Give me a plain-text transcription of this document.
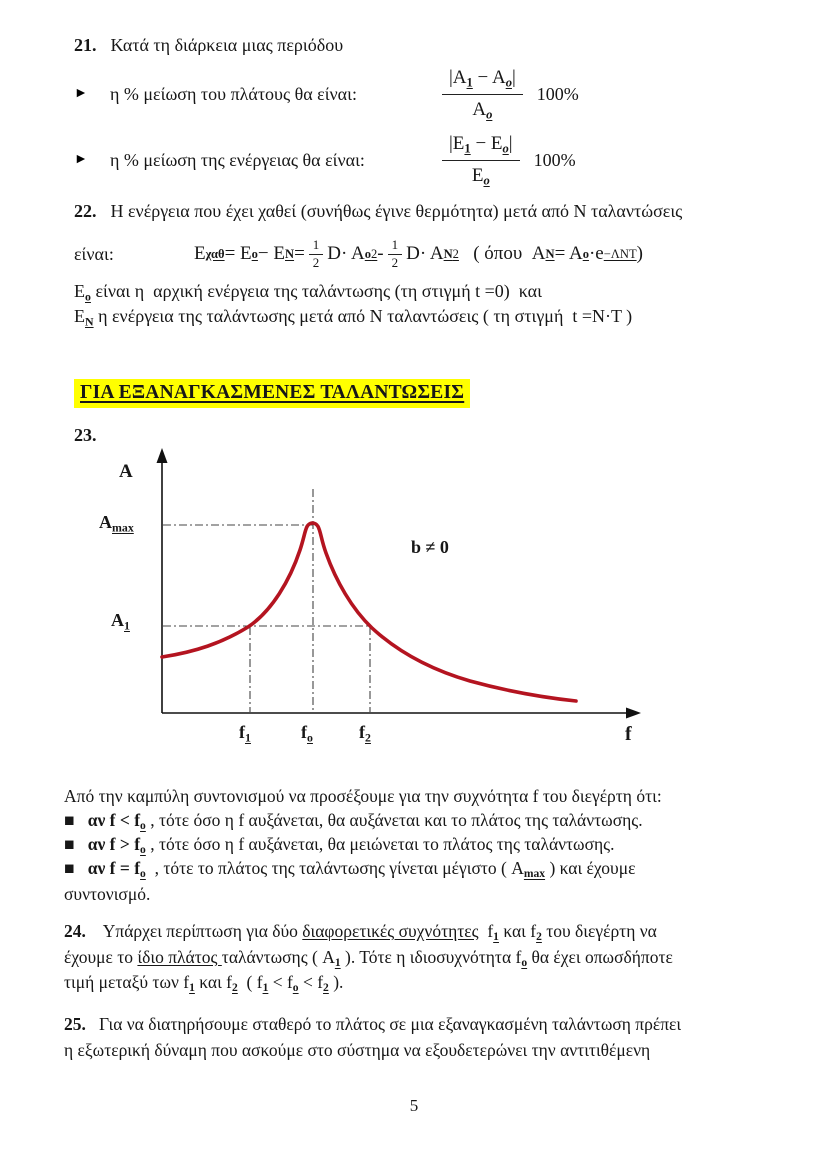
21. Κατά τη διάρκεια μιας περιόδου
►	η % μείωση του πλάτους θα είναι:	$\frac{|A_1 - A_o|}{A_o} 100\%$
►	η % μείωση της ενέργειας θα είναι:	$\frac{|E_1 - E_o|}{E_o} 100\%$
22. Η ενέργεια που έχει χαθεί (συνήθως έγινε θερμότητα) μετά από Ν ταλαντώσεις
είναι:	E χαθ = E o − E $N = \frac{1}{2} D\cdot A$ o $2 - \frac{1}{2} D\cdot A$ N 2 ( όπου  A N = A o ·e −ΛNT )
$E_o$ είναι η  αρχική ενέργεια της ταλάντωσης (τη στιγμή t =0)  και
$E_N$ η ενέργεια της ταλάντωσης μετά από Ν ταλαντώσεις ( τη στιγμή  t =N·T )
ΓΙΑ ΕΞΑΝΑΓΚΑΣΜΕΝΕΣ ΤΑΛΑΝΤΩΣΕΙΣ
23.
A
$A_{max}$
$A_1$
b ≠ 0
$f_1$	$f_o$	$f_2$	f
Από την καμπύλη συντονισμού να προσέξουμε για την συχνότητα f του διεγέρτη ότι:
■   αν $f < f_o$ , τότε όσο η f αυξάνεται, θα αυξάνεται και το πλάτος της ταλάντωσης.
■   αν $f > f_o$ , τότε όσο η f αυξάνεται, θα μειώνεται το πλάτος της ταλάντωσης.
■   αν $f = f_o$  , τότε το πλάτος της ταλάντωσης γίνεται μέγιστο ( $A_{max}$ ) και έχουμε
συντονισμό.
24.    Υπάρχει περίπτωση για δύο διαφορετικές συχνότητες  $f_1$ και $f_2$ του διεγέρτη να
έχουμε το ίδιο πλάτος ταλάντωσης ( $A_1$ ). Τότε η ιδιοσυχνότητα $f_o$ θα έχει οπωσδήποτε
τιμή μεταξύ των $f_1$ και $f_2$  ( $f_1 < f_o < f_2$ ).
25.   Για να διατηρήσουμε σταθερό το πλάτος σε μια εξαναγκασμένη ταλάντωση πρέπει
η εξωτερική δύναμη που ασκούμε στο σύστημα να εξουδετερώνει την αντιτιθέμενη
5
